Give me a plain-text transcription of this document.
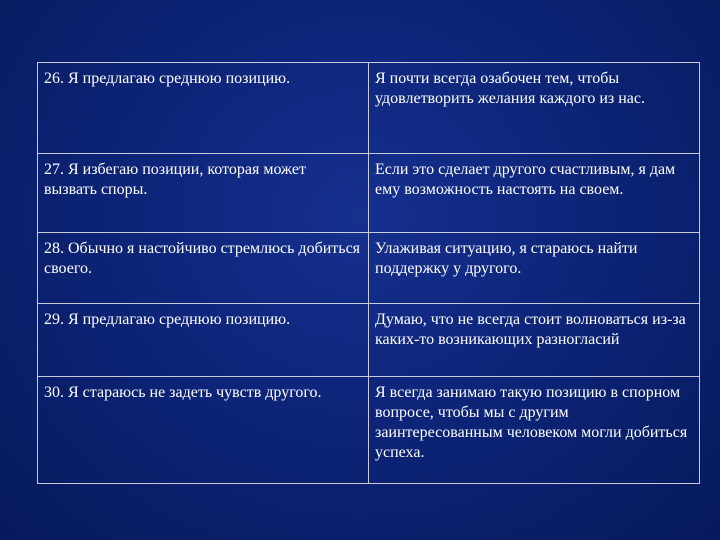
26. Я предлагаю среднюю позицию.	Я почти всегда озабочен тем, чтобы удовлетворить желания каждого из нас.
27. Я избегаю позиции, которая может вызвать споры.	Если это сделает другого счастливым, я дам ему возможность настоять на своем.
28. Обычно я настойчиво стремлюсь добиться своего.	Улаживая ситуацию, я стараюсь найти поддержку у другого.
29. Я предлагаю среднюю позицию.	Думаю, что не всегда стоит волноваться из-за каких-то возникающих разногласий
30. Я стараюсь не задеть чувств другого.	Я всегда занимаю такую позицию в спорном вопросе, чтобы мы с другим заинтересованным человеком могли добиться успеха.
